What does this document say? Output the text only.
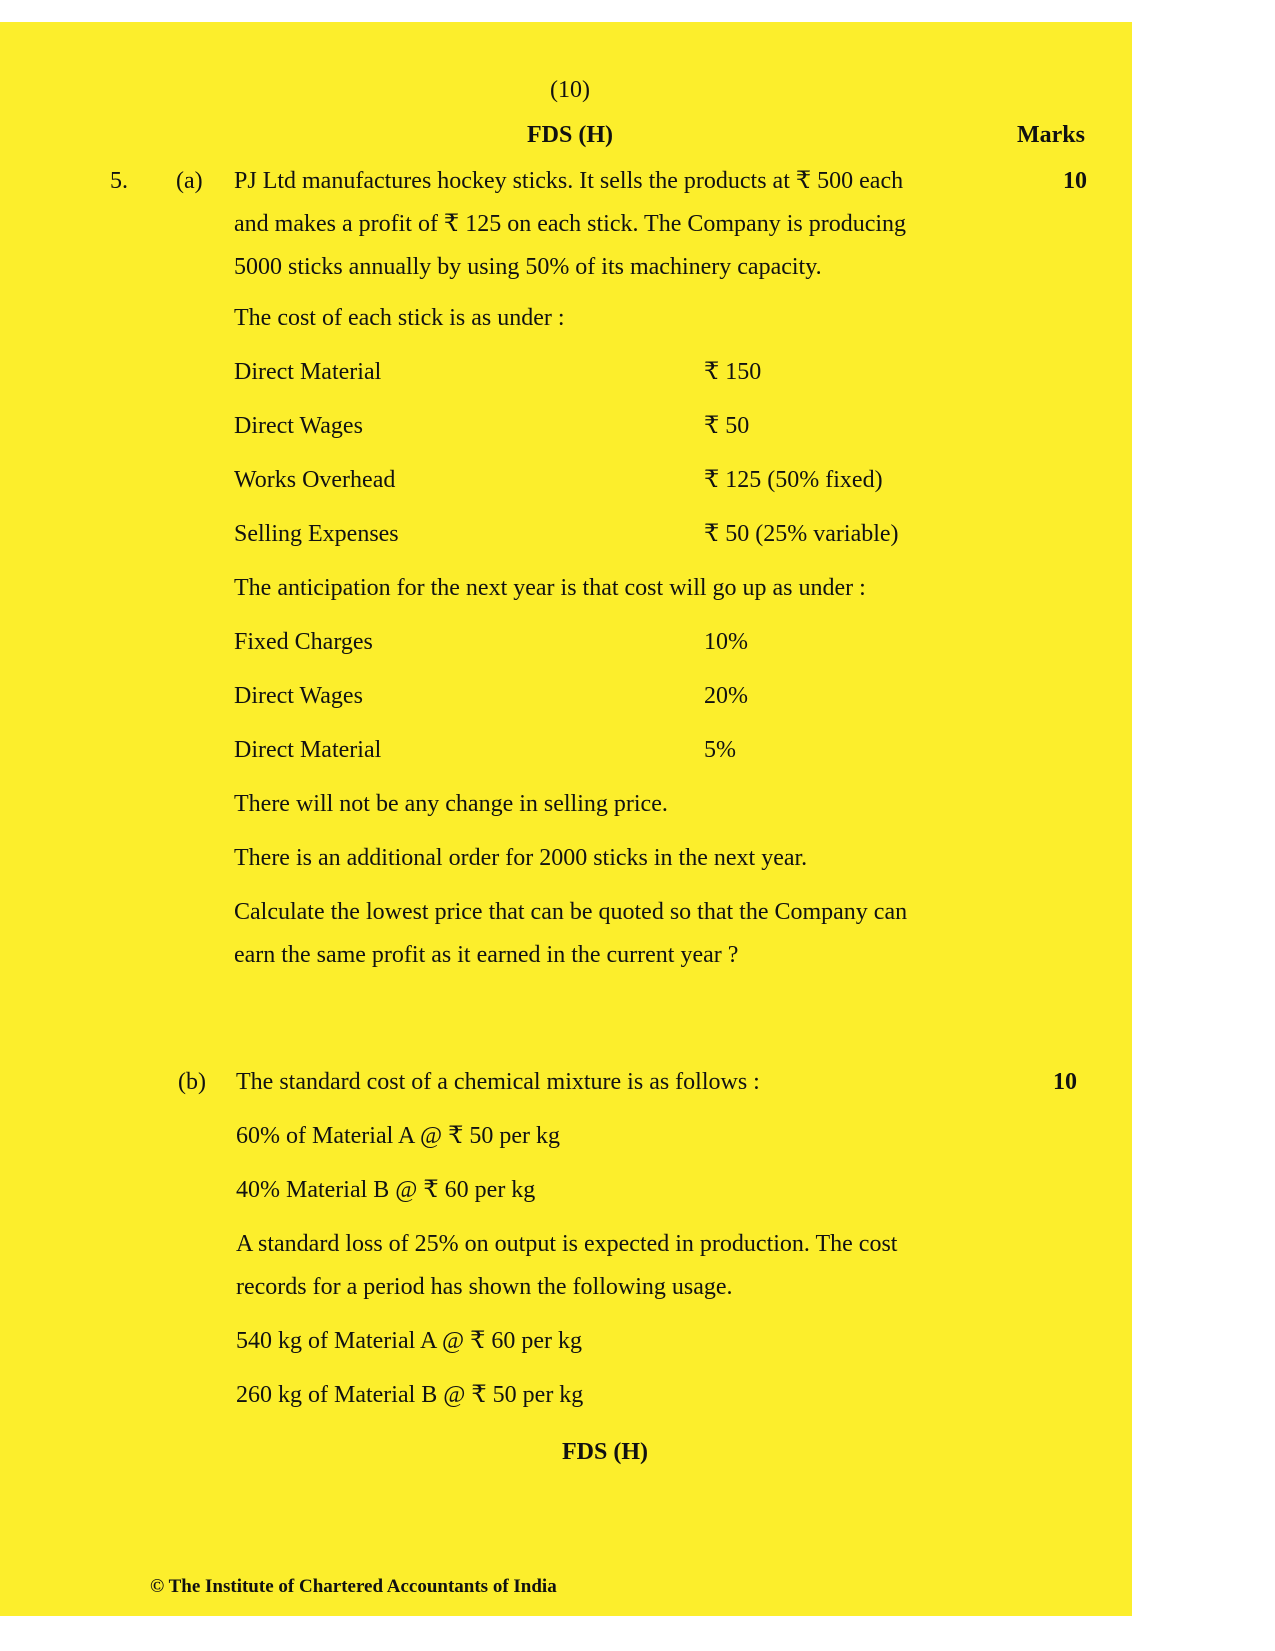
(10)
FDS (H)	Marks
5. (a)	10
PJ Ltd manufactures hockey sticks. It sells the products at ₹ 500 each
and makes a profit of ₹ 125 on each stick. The Company is producing
5000 sticks annually by using 50% of its machinery capacity.
The cost of each stick is as under :
Direct Material	₹ 150
Direct Wages	₹ 50
Works Overhead	₹ 125 (50% fixed)
Selling Expenses	₹ 50 (25% variable)
The anticipation for the next year is that cost will go up as under :
Fixed Charges	10%
Direct Wages	20%
Direct Material	5%
There will not be any change in selling price.
There is an additional order for 2000 sticks in the next year.
Calculate the lowest price that can be quoted so that the Company can
earn the same profit as it earned in the current year ?
(b)	10
The standard cost of a chemical mixture is as follows :
60% of Material A @ ₹ 50 per kg
40% Material B @ ₹ 60 per kg
A standard loss of 25% on output is expected in production. The cost
records for a period has shown the following usage.
540 kg of Material A @ ₹ 60 per kg
260 kg of Material B @ ₹ 50 per kg
FDS (H)
© The Institute of Chartered Accountants of India
